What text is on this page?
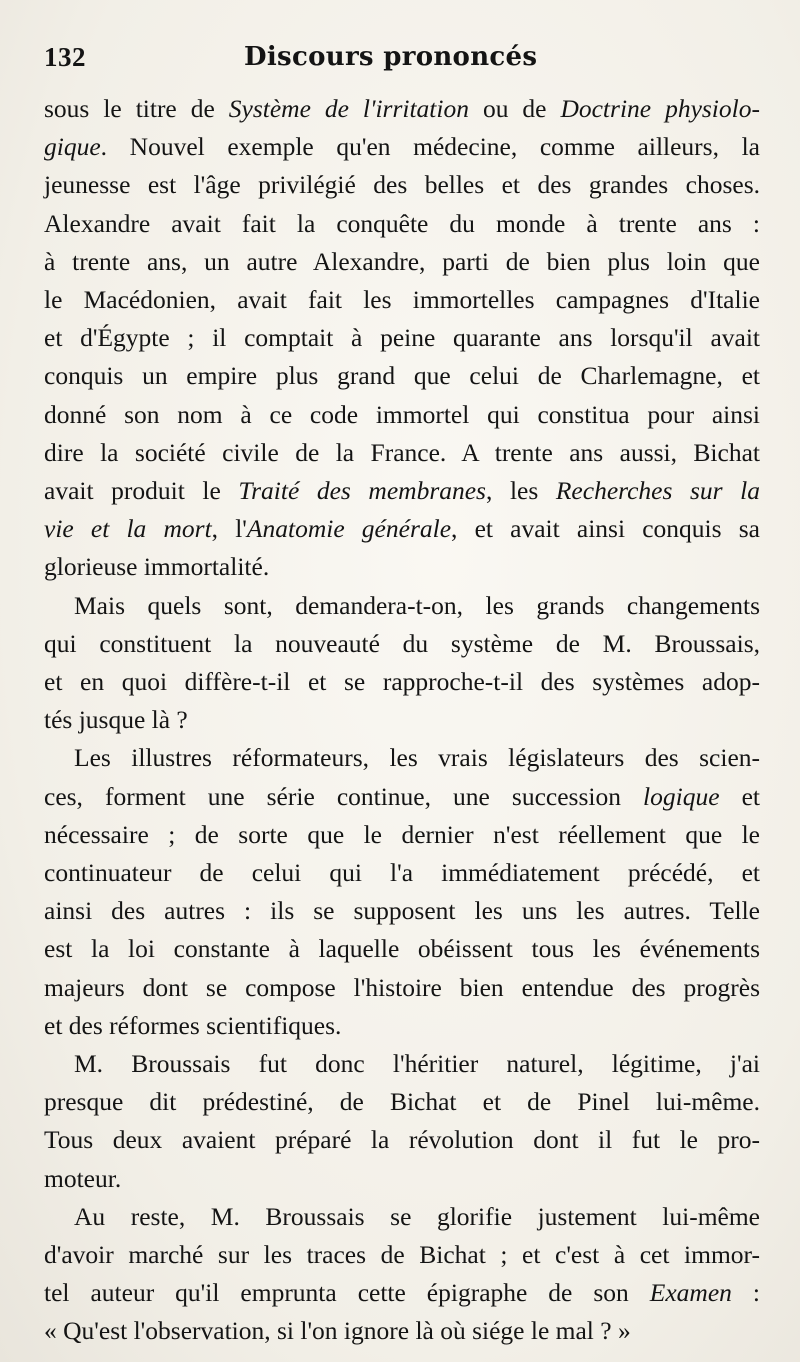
132	Discours prononcés
sous le titre de Système de l'irritation ou de Doctrine physiolo-
gique. Nouvel exemple qu'en médecine, comme ailleurs, la
jeunesse est l'âge privilégié des belles et des grandes choses.
Alexandre avait fait la conquête du monde à trente ans :
à trente ans, un autre Alexandre, parti de bien plus loin que
le Macédonien, avait fait les immortelles campagnes d'Italie
et d'Égypte ; il comptait à peine quarante ans lorsqu'il avait
conquis un empire plus grand que celui de Charlemagne, et
donné son nom à ce code immortel qui constitua pour ainsi
dire la société civile de la France. A trente ans aussi, Bichat
avait produit le Traité des membranes, les Recherches sur la
vie et la mort, l'Anatomie générale, et avait ainsi conquis sa
glorieuse immortalité.
Mais quels sont, demandera-t-on, les grands changements
qui constituent la nouveauté du système de M. Broussais,
et en quoi diffère-t-il et se rapproche-t-il des systèmes adop-
tés jusque là ?
Les illustres réformateurs, les vrais législateurs des scien-
ces, forment une série continue, une succession logique et
nécessaire ; de sorte que le dernier n'est réellement que le
continuateur de celui qui l'a immédiatement précédé, et
ainsi des autres : ils se supposent les uns les autres. Telle
est la loi constante à laquelle obéissent tous les événements
majeurs dont se compose l'histoire bien entendue des progrès
et des réformes scientifiques.
M. Broussais fut donc l'héritier naturel, légitime, j'ai
presque dit prédestiné, de Bichat et de Pinel lui-même.
Tous deux avaient préparé la révolution dont il fut le pro-
moteur.
Au reste, M. Broussais se glorifie justement lui-même
d'avoir marché sur les traces de Bichat ; et c'est à cet immor-
tel auteur qu'il emprunta cette épigraphe de son Examen :
« Qu'est l'observation, si l'on ignore là où siége le mal ? »
